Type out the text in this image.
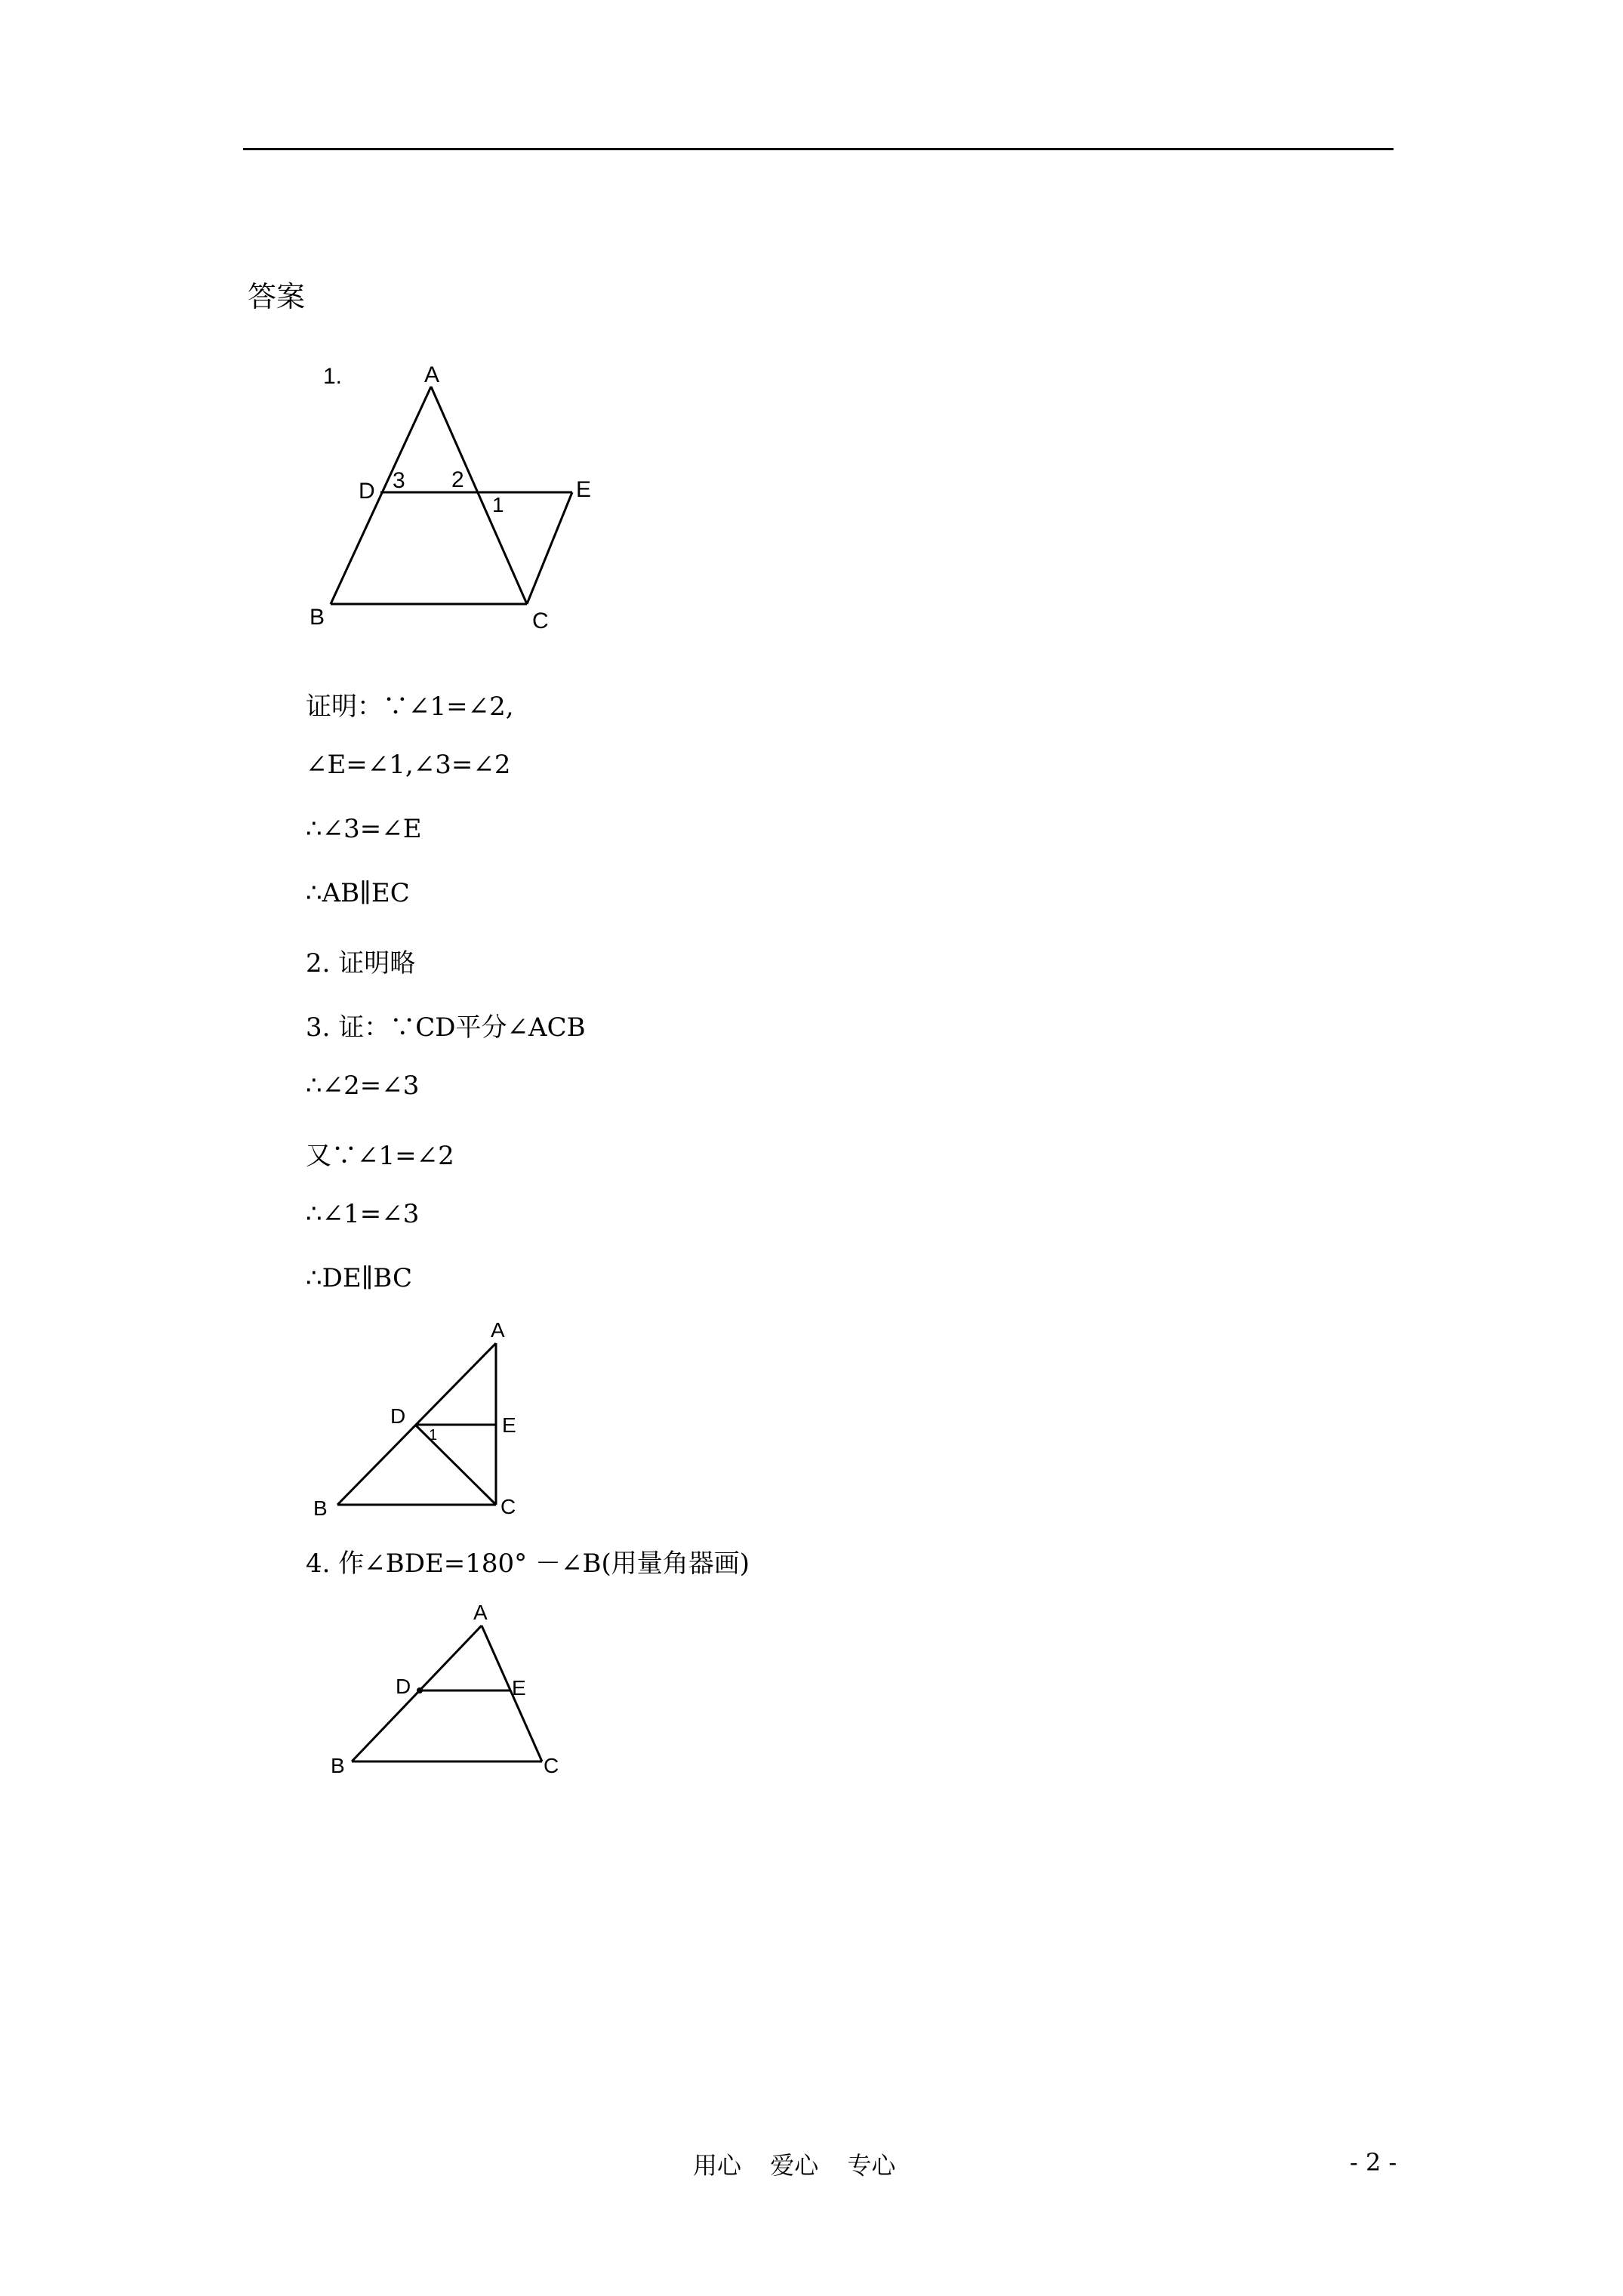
答案
1.	A
D	E
B	C
3 2
1
证明：∵∠1=∠2,
∠E=∠1,∠3=∠2
∴∠3=∠E
∴AB∥EC
2. 证明略
3. 证：∵CD平分∠ACB
∴∠2=∠3
又∵∠1=∠2
∴∠1=∠3
∴DE∥BC
A
D	E
B	C
1
4. 作∠BDE=180° －∠B(用量角器画)
A
D	E
B	C
用心 爱心 专心	- 2 -
